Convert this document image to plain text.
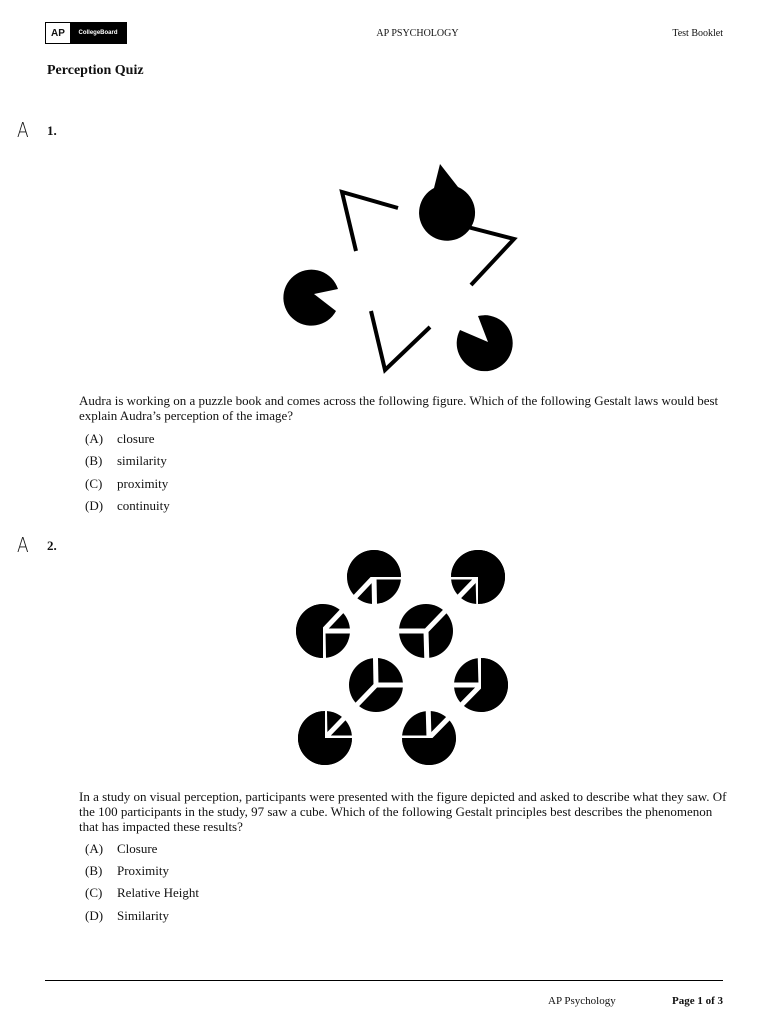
AP	CollegeBoard	AP PSYCHOLOGY	Test Booklet
Perception Quiz
A 1.
Audra is working on a puzzle book and comes across the following figure. Which of the following Gestalt laws would best explain Audra’s perception of the image?
(A)	closure
(B)	similarity
(C)	proximity
(D)	continuity
A 2.
In a study on visual perception, participants were presented with the figure depicted and asked to describe what they saw. Of the 100 participants in the study, 97 saw a cube. Which of the following Gestalt principles best describes the phenomenon that has impacted these results?
(A)	Closure
(B)	Proximity
(C)	Relative Height
(D)	Similarity
AP Psychology	Page 1 of 3
